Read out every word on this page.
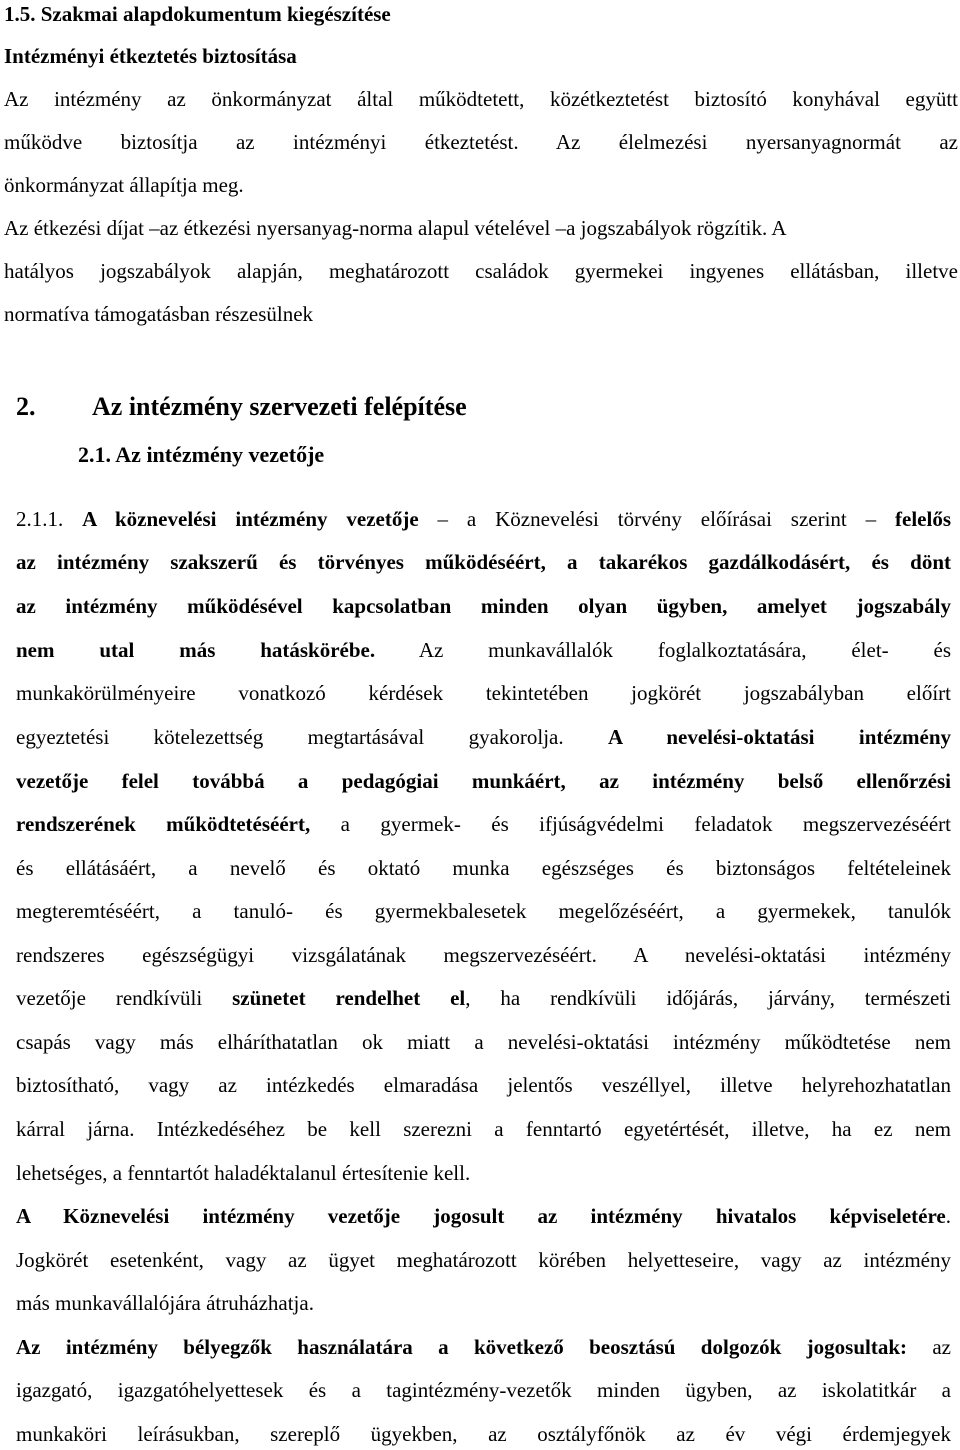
1.5. Szakmai alapdokumentum kiegészítése
Intézményi étkeztetés biztosítása
Az intézmény az önkormányzat által működtetett, közétkeztetést biztosító konyhával együtt
működve biztosítja az intézményi étkeztetést. Az élelmezési nyersanyagnormát az
önkormányzat állapítja meg.
Az étkezési díjat –az étkezési nyersanyag-norma alapul vételével –a jogszabályok rögzítik. A
hatályos jogszabályok alapján, meghatározott családok gyermekei ingyenes ellátásban, illetve
normatíva támogatásban részesülnek
2. Az intézmény szervezeti felépítése
2.1. Az intézmény vezetője
2.1.1. A köznevelési intézmény vezetője – a Köznevelési törvény előírásai szerint – felelős
az intézmény szakszerű és törvényes működéséért, a takarékos gazdálkodásért, és dönt
az intézmény működésével kapcsolatban minden olyan ügyben, amelyet jogszabály
nem utal más hatáskörébe. Az munkavállalók foglalkoztatására, élet- és
munkakörülményeire vonatkozó kérdések tekintetében jogkörét jogszabályban előírt
egyeztetési kötelezettség megtartásával gyakorolja. A nevelési-oktatási intézmény
vezetője felel továbbá a pedagógiai munkáért, az intézmény belső ellenőrzési
rendszerének működtetéséért, a gyermek- és ifjúságvédelmi feladatok megszervezéséért
és ellátásáért, a nevelő és oktató munka egészséges és biztonságos feltételeinek
megteremtéséért, a tanuló- és gyermekbalesetek megelőzéséért, a gyermekek, tanulók
rendszeres egészségügyi vizsgálatának megszervezéséért. A nevelési-oktatási intézmény
vezetője rendkívüli szünetet rendelhet el, ha rendkívüli időjárás, járvány, természeti
csapás vagy más elháríthatatlan ok miatt a nevelési-oktatási intézmény működtetése nem
biztosítható, vagy az intézkedés elmaradása jelentős veszéllyel, illetve helyrehozhatatlan
kárral járna. Intézkedéséhez be kell szerezni a fenntartó egyetértését, illetve, ha ez nem
lehetséges, a fenntartót haladéktalanul értesítenie kell.
A Köznevelési intézmény vezetője jogosult az intézmény hivatalos képviseletére.
Jogkörét esetenként, vagy az ügyet meghatározott körében helyetteseire, vagy az intézmény
más munkavállalójára átruházhatja.
Az intézmény bélyegzők használatára a következő beosztású dolgozók jogosultak: az
igazgató, igazgatóhelyettesek és a tagintézmény-vezetők minden ügyben, az iskolatitkár a
munkaköri leírásukban, szereplő ügyekben, az osztályfőnök az év végi érdemjegyek
